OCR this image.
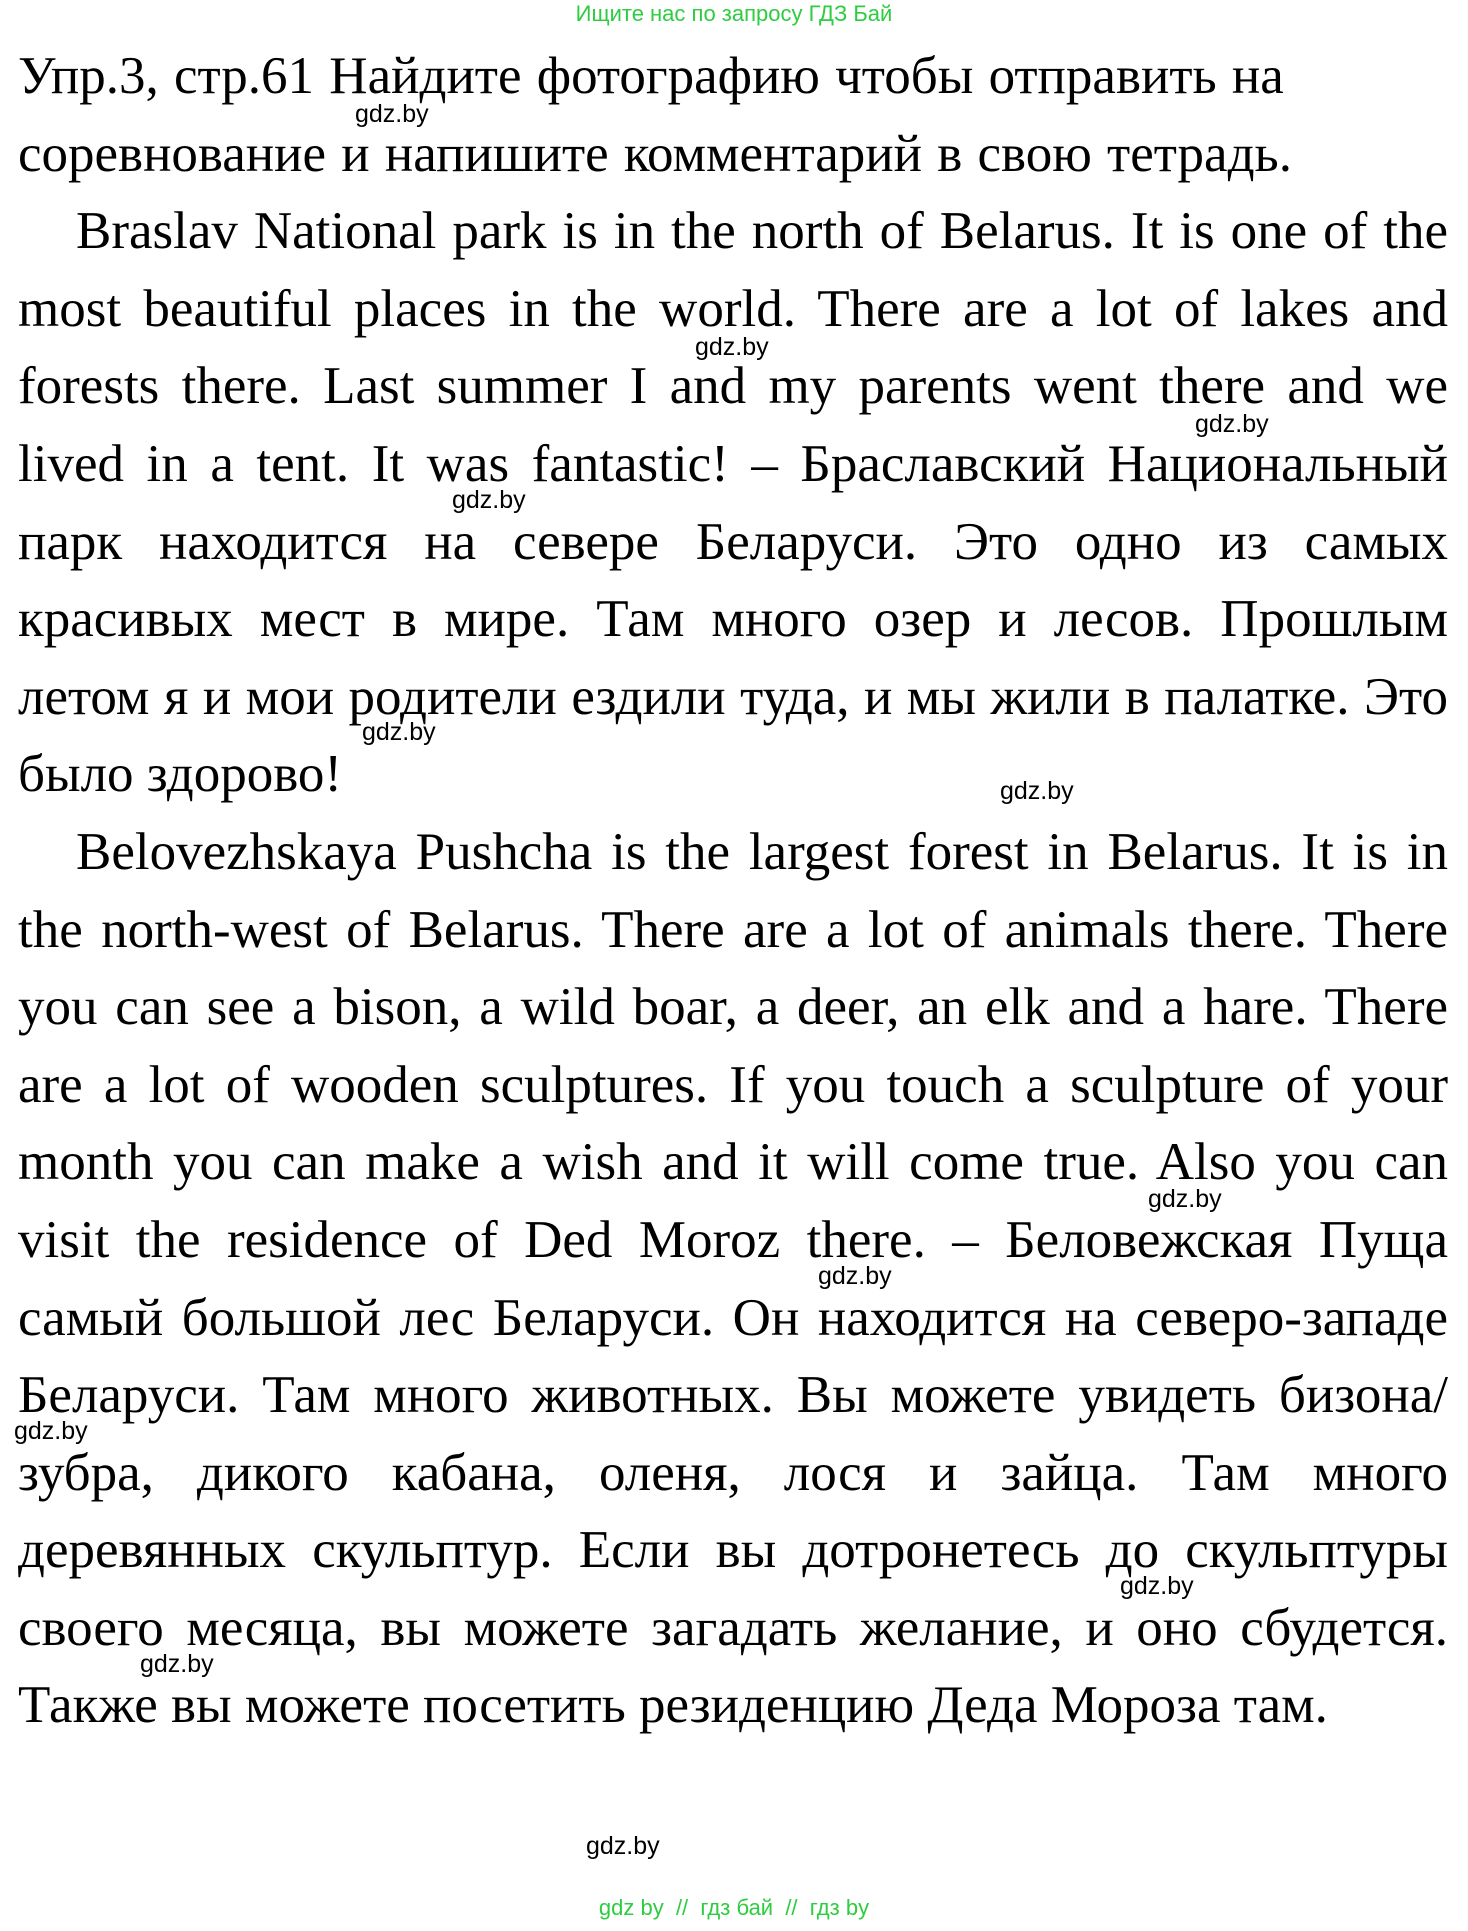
Ищите нас по запросу ГДЗ Бай

Упр.3, стр.61 Найдите фотографию чтобы отправить на соревнование и напишите комментарий в свою тетрадь.

Braslav National park is in the north of Belarus. It is one of the most beautiful places in the world. There are a lot of lakes and forests there. Last summer I and my parents went there and we lived in a tent. It was fantastic! – Браславский Национальный парк находится на севере Беларуси. Это одно из самых красивых мест в мире. Там много озер и лесов. Прошлым летом я и мои родители ездили туда, и мы жили в палатке. Это было здорово!

Belovezhskaya Pushcha is the largest forest in Belarus. It is in the north-west of Belarus. There are a lot of animals there. There you can see a bison, a wild boar, a deer, an elk and a hare. There are a lot of wooden sculptures. If you touch a sculpture of your month you can make a wish and it will come true. Also you can visit the residence of Ded Moroz there. – Беловежская Пуща самый большой лес Беларуси. Он находится на северо-западе Беларуси. Там много животных. Вы можете увидеть бизона/зубра, дикого кабана, оленя, лося и зайца. Там много деревянных скульптур. Если вы дотронетесь до скульптуры своего месяца, вы можете загадать желание, и оно сбудется. Также вы можете посетить резиденцию Деда Мороза там.

gdz.by
gdz.by
gdz.by
gdz.by
gdz.by
gdz.by
gdz.by
gdz.by
gdz.by
gdz.by
gdz.by
gdz.by
gdz by  //  гдз бай  //  гдз by
